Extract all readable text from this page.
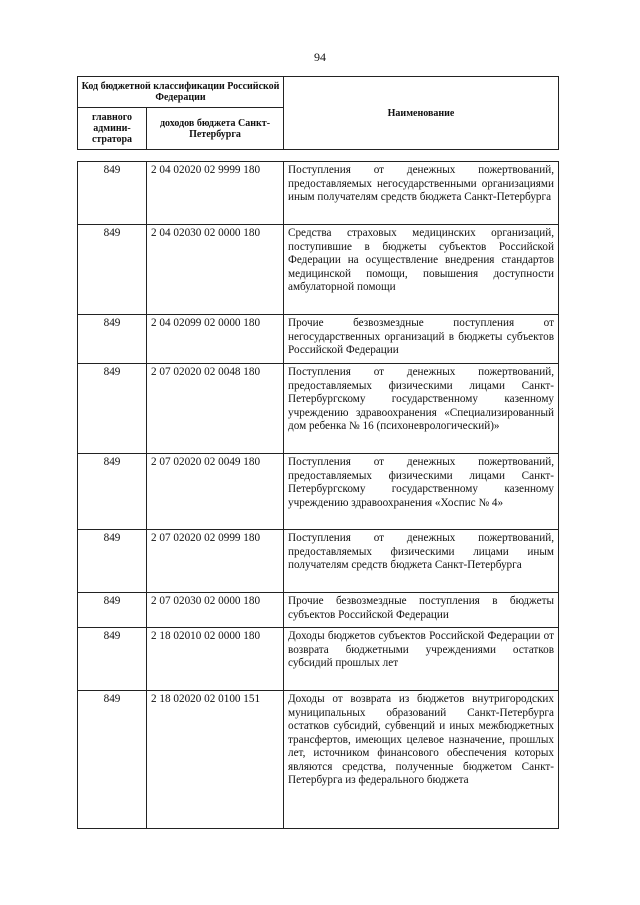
94
Код бюджетной классификации Российской Федерации		Наименование
главного админи-стратора	доходов бюджета Санкт-Петербурга	
849	2 04 02020 02 9999 180	Поступления от денежных пожертвований, предоставляемых негосударственными организациями иным получателям средств бюджета Санкт-Петербурга
849	2 04 02030 02 0000 180	Средства страховых медицинских организаций, поступившие в бюджеты субъектов Российской Федерации на осуществление внедрения стандартов медицинской помощи, повышения доступности амбулаторной помощи
849	2 04 02099 02 0000 180	Прочие безвозмездные поступления от негосударственных организаций в бюджеты субъектов Российской Федерации
849	2 07 02020 02 0048 180	Поступления от денежных пожертвований, предоставляемых физическими лицами Санкт-Петербургскому государственному казенному учреждению здравоохранения «Специализированный дом ребенка № 16 (психоневрологический)»
849	2 07 02020 02 0049 180	Поступления от денежных пожертвований, предоставляемых физическими лицами Санкт-Петербургскому государственному казенному учреждению здравоохранения «Хоспис № 4»
849	2 07 02020 02 0999 180	Поступления от денежных пожертвований, предоставляемых физическими лицами иным получателям средств бюджета Санкт-Петербурга
849	2 07 02030 02 0000 180	Прочие безвозмездные поступления в бюджеты субъектов Российской Федерации
849	2 18 02010 02 0000 180	Доходы бюджетов субъектов Российской Федерации от возврата бюджетными учреждениями остатков субсидий прошлых лет
849	2 18 02020 02 0100 151	Доходы от возврата из бюджетов внутригородских муниципальных образований Санкт-Петербурга остатков субсидий, субвенций и иных межбюджетных трансфертов, имеющих целевое назначение, прошлых лет, источником финансового обеспечения которых являются средства, полученные бюджетом Санкт-Петербурга из федерального бюджета
